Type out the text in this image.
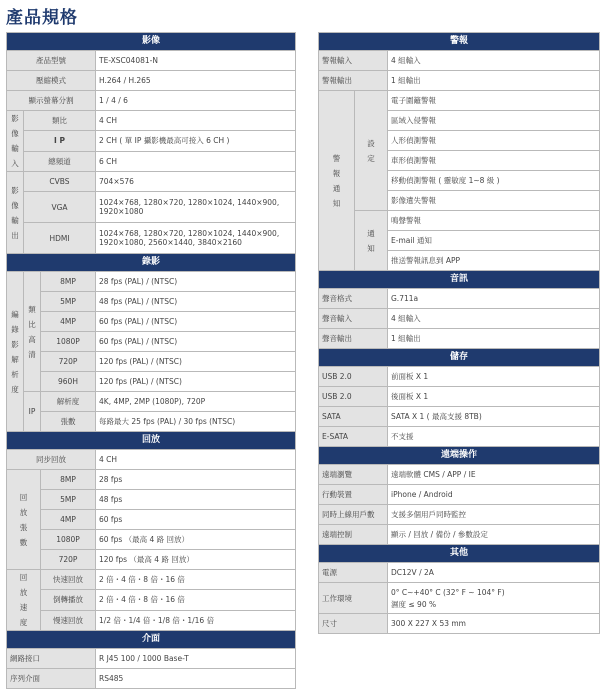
產品規格
影像			
產品型號			TE-XSC04081-N
壓縮模式			H.264 / H.265
顯示螢幕分割			1 / 4 / 6
影像輸入	類比		4 CH
	I P		2 CH ( 單 IP 攝影機最高可接入 6 CH )
	總頻道		6 CH
影像輸出	CVBS		704×576
	VGA		1024×768, 1280×720, 1280×1024, 1440×900, 1920×1080
	HDMI		1024×768, 1280×720, 1280×1024, 1440×900, 1920×1080, 2560×1440, 3840×2160
錄影			
編錄影解析度	類比高清	8MP	28 fps (PAL) / (NTSC)
		5MP	48 fps (PAL) / (NTSC)
		4MP	60 fps (PAL) / (NTSC)
		1080P	60 fps (PAL) / (NTSC)
		720P	120 fps (PAL) / (NTSC)
		960H	120 fps (PAL) / (NTSC)
	IP	解析度	4K, 4MP, 2MP (1080P), 720P
		張數	每路最大 25 fps (PAL) / 30 fps (NTSC)
回放			
同步回放			4 CH
回放張數		8MP	28 fps
		5MP	48 fps
		4MP	60 fps
		1080P	60 fps （最高 4 路 回放）
		720P	120 fps （最高 4 路 回放）
回放速度		快速回放	2 倍・4 倍・8 倍・16 倍
		倒轉播放	2 倍・4 倍・8 倍・16 倍
		慢速回放	1/2 倍・1/4 倍・1/8 倍・1/16 倍
介面			
網路接口			R J45 100 / 1000 Base-T
序列介面			RS485
警報		
警報輸入		4 組輸入
警報輸出		1 組輸出
警報通知	設定	電子圍籬警報
		區域入侵警報
		人形偵測警報
		車形偵測警報
		移動偵測警報 ( 靈敏度 1~8 級 )
		影像遺失警報
	通知	鳴聲警報
		E-mail 通知
		推送警報訊息到 APP
音訊		
聲音格式		G.711a
聲音輸入		4 組輸入
聲音輸出		1 組輸出
儲存		
USB 2.0		前面板 X 1
USB 2.0		後面板 X 1
SATA		SATA X 1 ( 最高支援 8TB)
E-SATA		不支援
遠端操作		
遠端瀏覽		遠端軟體 CMS / APP / IE
行動裝置		iPhone / Android
同時上線用戶數		支援多個用戶同時監控
遠端控制		顯示 / 回放 / 備份 / 參數設定
其他		
電源		DC12V / 2A
工作環境		0° C~+40° C (32° F ~ 104° F)
濕度 ≤ 90 %

尺寸		300 X 227 X 53 mm
